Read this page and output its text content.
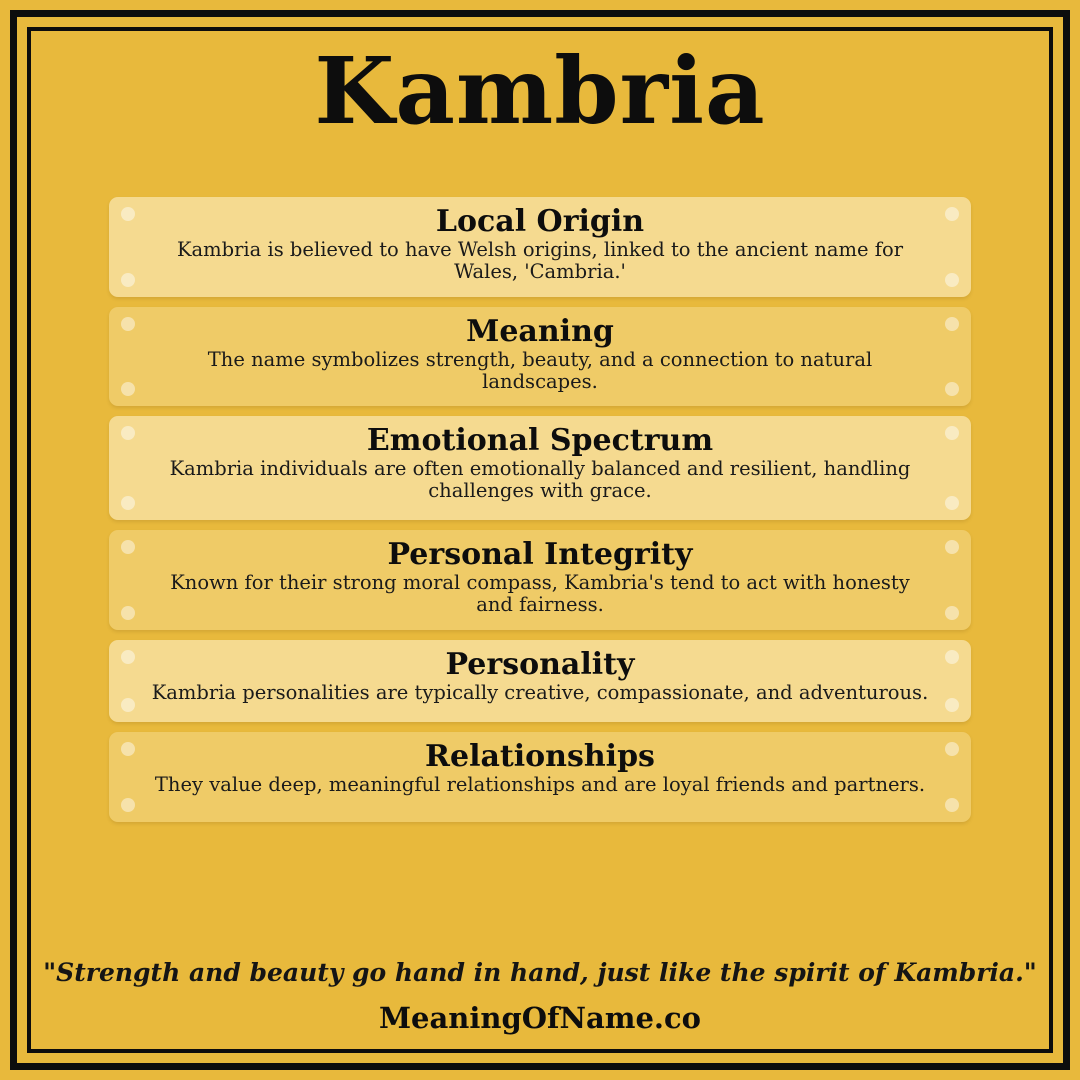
Kambria
Local Origin
Kambria is believed to have Welsh origins, linked to the ancient name for Wales, 'Cambria.'
Meaning
The name symbolizes strength, beauty, and a connection to natural landscapes.
Emotional Spectrum
Kambria individuals are often emotionally balanced and resilient, handling challenges with grace.
Personal Integrity
Known for their strong moral compass, Kambria's tend to act with honesty and fairness.
Personality
Kambria personalities are typically creative, compassionate, and adventurous.
Relationships
They value deep, meaningful relationships and are loyal friends and partners.
"Strength and beauty go hand in hand, just like the spirit of Kambria."
MeaningOfName.co
